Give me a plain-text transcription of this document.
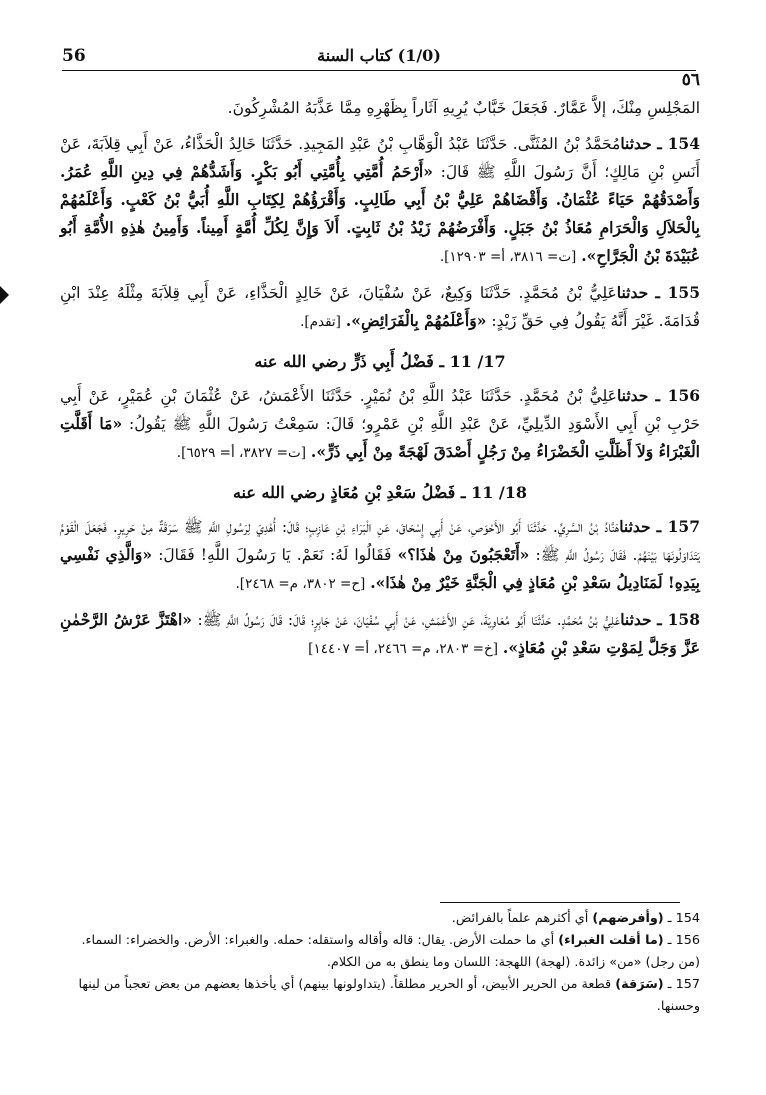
(1/0) كتاب السنة
56
٥٦

المَجْلِسِ مِنْكَ، إلاَّ عَمَّارٌ. فَجَعَلَ خَبَّابٌ يُرِيهِ آثَاراً بِظَهْرِهِ مِمَّا عَذَّبَهُ المُشْرِكُونَ.

154 ـ حدثنامُحَمَّدُ بْنُ المُثَنَّى. حَدَّثَنَا عَبْدُ الْوَهَّابِ بْنُ عَبْدِ المَجِيدِ. حَدَّثَنَا خَالِدُ الْحَذَّاءُ، عَنْ أَبِي قِلاَبَةَ، عَنْ أَنَسِ بْنِ مَالِكٍ؛ أَنَّ رَسُولَ اللَّهِ ﷺ قَالَ: «أَرْحَمُ أُمَّتِي بِأُمَّتِي أَبُو بَكْرٍ. وَأَشَدُّهُمْ فِي دِينِ اللَّهِ عُمَرُ. وَأَصْدَقُهُمْ حَيَاءً عُثْمَانُ. وَأَقْضَاهُمْ عَلِيُّ بْنُ أَبِي طَالِبٍ. وَأَقْرَؤُهُمْ لِكِتَابِ اللَّهِ أُبَيُّ بْنُ كَعْبٍ. وَأَعْلَمُهُمْ بِالْحَلاَلِ وَالْحَرَامِ مُعَاذُ بْنُ جَبَلٍ. وَأَفْرَضُهُمْ زَيْدُ بْنُ ثَابِتٍ. أَلاَ وَإِنَّ لِكُلِّ أُمَّةٍ أَمِيناً. وَأَمِينُ هٰذِهِ الأُمَّةِ أَبُو عُبَيْدَةَ بْنُ الْجَرَّاحِ». [ت= ٣٨١٦، أ= ١٢٩٠٣].

155 ـ حدثناعَلِيُّ بْنُ مُحَمَّدٍ. حَدَّثَنَا وَكِيعٌ، عَنْ سُفْيَانَ، عَنْ خَالِدٍ الْحَذَّاءِ، عَنْ أَبِي قِلاَبَةَ مِثْلَهُ عِنْدَ ابْنِ قُدَامَةَ. غَيْرَ أَنَّهُ يَقُولُ فِي حَقِّ زَيْدٍ: «وَأَعْلَمُهُمْ بِالْفَرَائِضِ». [تقدم].

17/ 11 ـ فَضْلُ أَبِي ذَرٍّ رضي الله عنه

156 ـ حدثناعَلِيُّ بْنُ مُحَمَّدٍ. حَدَّثَنَا عَبْدُ اللَّهِ بْنُ نُمَيْرٍ. حَدَّثَنَا الأَعْمَشُ، عَنْ عُثْمَانَ بْنِ عُمَيْرٍ، عَنْ أَبِي حَرْبِ بْنِ أَبِي الأَسْوَدِ الدِّيلِيِّ، عَنْ عَبْدِ اللَّهِ بْنِ عَمْرٍو؛ قَالَ: سَمِعْتُ رَسُولَ اللَّهِ ﷺ يَقُولُ: «مَا أَقَلَّتِ الْغَبْرَاءُ وَلاَ أَظَلَّتِ الْخَضْرَاءُ مِنْ رَجُلٍ أَصْدَقَ لَهْجَةً مِنْ أَبِي ذَرٍّ». [ت= ٣٨٢٧، أ= ٦٥٢٩].

18/ 11 ـ فَضْلُ سَعْدِ بْنِ مُعَاذٍ رضي الله عنه

157 ـ حدثناهَنَّادُ بْنُ السَّرِيِّ. حَدَّثَنَا أَبُو الأَحْوَصِ، عَنْ أَبِي إِسْحَاقَ، عَنِ الْبَرَاءِ بْنِ عَازِبٍ؛ قَالَ: أُهْدِيَ لِرَسُولِ اللَّهِ ﷺ سَرَقَةٌ مِنْ حَرِيرٍ. فَجَعَلَ الْقَوْمُ يَتَدَاوَلُونَهَا بَيْنَهُمْ. فَقَالَ رَسُولُ اللَّهِ ﷺ: «أَتَعْجَبُونَ مِنْ هٰذَا؟» فَقَالُوا لَهُ: نَعَمْ. يَا رَسُولَ اللَّهِ! فَقَالَ: «وَالَّذِي نَفْسِي بِيَدِهِ! لَمَنَادِيلُ سَعْدِ بْنِ مُعَاذٍ فِي الْجَنَّةِ خَيْرٌ مِنْ هٰذَا». [ح= ٣٨٠٢، م= ٢٤٦٨].

158 ـ حدثناعَلِيُّ بْنُ مُحَمَّدٍ. حَدَّثَنَا أَبُو مُعَاوِيَةَ، عَنِ الأَعْمَشِ، عَنْ أَبِي سُفْيَانَ، عَنْ جَابِرٍ؛ قَالَ: قَالَ رَسُولُ اللَّهِ ﷺ: «اهْتَزَّ عَرْشُ الرَّحْمٰنِ عَزَّ وَجَلَّ لِمَوْتِ سَعْدِ بْنِ مُعَاذٍ». [خ= ٢٨٠٣، م= ٢٤٦٦، أ= ١٤٤٠٧]

154 ـ (وأفرضهم) أي أكثرهم علماً بالفرائض.

156 ـ (ما أقلت الغبراء) أي ما حملت الأرض. يقال: قاله وأقاله واستقله: حمله. والغبراء: الأرض. والخضراء: السماء. (من رجل) «من» زائدة. (لهجة) اللهجة: اللسان وما ينطق به من الكلام.

157 ـ (سَرَقة) قطعة من الحرير الأبيض، أو الحرير مطلقاً. (يتداولونها بينهم) أي يأخذها بعضهم من بعض تعجباً من لينها وحسنها.
